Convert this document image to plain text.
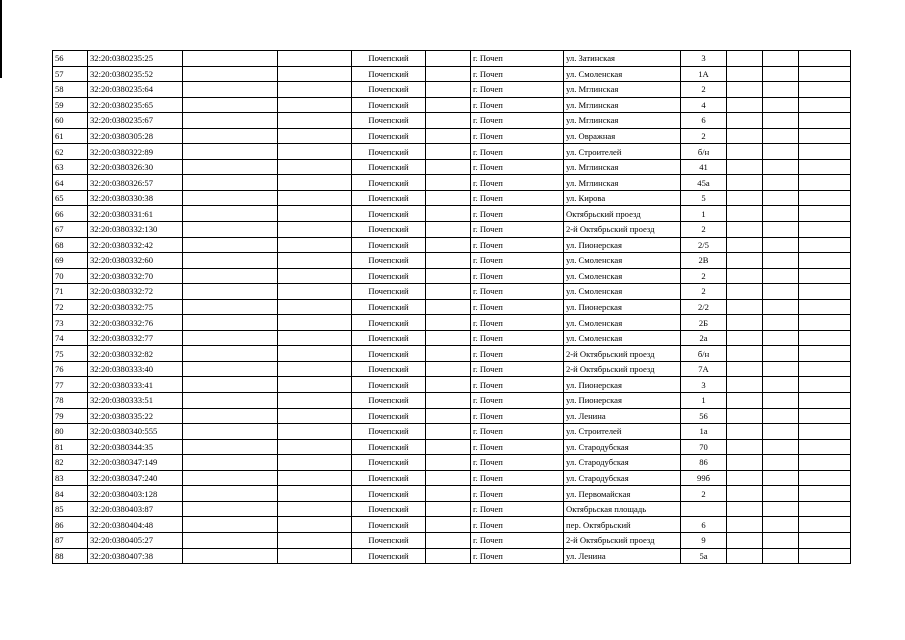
56	32:20:0380235:25			Почепский		г. Почеп	ул. Затинская	3			
57	32:20:0380235:52			Почепский		г. Почеп	ул. Смоленская	1А			
58	32:20:0380235:64			Почепский		г. Почеп	ул. Мглинская	2			
59	32:20:0380235:65			Почепский		г. Почеп	ул. Мглинская	4			
60	32:20:0380235:67			Почепский		г. Почеп	ул. Мглинская	6			
61	32:20:0380305:28			Почепский		г. Почеп	ул. Овражная	2			
62	32:20:0380322:89			Почепский		г. Почеп	ул. Строителей	б/н			
63	32:20:0380326:30			Почепский		г. Почеп	ул. Мглинская	41			
64	32:20:0380326:57			Почепский		г. Почеп	ул. Мглинская	45а			
65	32:20:0380330:38			Почепский		г. Почеп	ул. Кирова	5			
66	32:20:0380331:61			Почепский		г. Почеп	Октябрьский проезд	1			
67	32:20:0380332:130			Почепский		г. Почеп	2-й Октябрьский проезд	2			
68	32:20:0380332:42			Почепский		г. Почеп	ул. Пионерская	2/5			
69	32:20:0380332:60			Почепский		г. Почеп	ул. Смоленская	2В			
70	32:20:0380332:70			Почепский		г. Почеп	ул. Смоленская	2			
71	32:20:0380332:72			Почепский		г. Почеп	ул. Смоленская	2			
72	32:20:0380332:75			Почепский		г. Почеп	ул. Пионерская	2/2			
73	32:20:0380332:76			Почепский		г. Почеп	ул. Смоленская	2Б			
74	32:20:0380332:77			Почепский		г. Почеп	ул. Смоленская	2а			
75	32:20:0380332:82			Почепский		г. Почеп	2-й Октябрьский проезд	б/н			
76	32:20:0380333:40			Почепский		г. Почеп	2-й Октябрьский проезд	7А			
77	32:20:0380333:41			Почепский		г. Почеп	ул. Пионерская	3			
78	32:20:0380333:51			Почепский		г. Почеп	ул. Пионерская	1			
79	32:20:0380335:22			Почепский		г. Почеп	ул. Ленина	56			
80	32:20:0380340:555			Почепский		г. Почеп	ул. Строителей	1а			
81	32:20:0380344:35			Почепский		г. Почеп	ул. Стародубская	70			
82	32:20:0380347:149			Почепский		г. Почеп	ул. Стародубская	86			
83	32:20:0380347:240			Почепский		г. Почеп	ул. Стародубская	99б			
84	32:20:0380403:128			Почепский		г. Почеп	ул. Первомайская	2			
85	32:20:0380403:87			Почепский		г. Почеп	Октябрьская площадь				
86	32:20:0380404:48			Почепский		г. Почеп	пер. Октябрьский	6			
87	32:20:0380405:27			Почепский		г. Почеп	2-й Октябрьский проезд	9			
88	32:20:0380407:38			Почепский		г. Почеп	ул. Ленина	5а			
